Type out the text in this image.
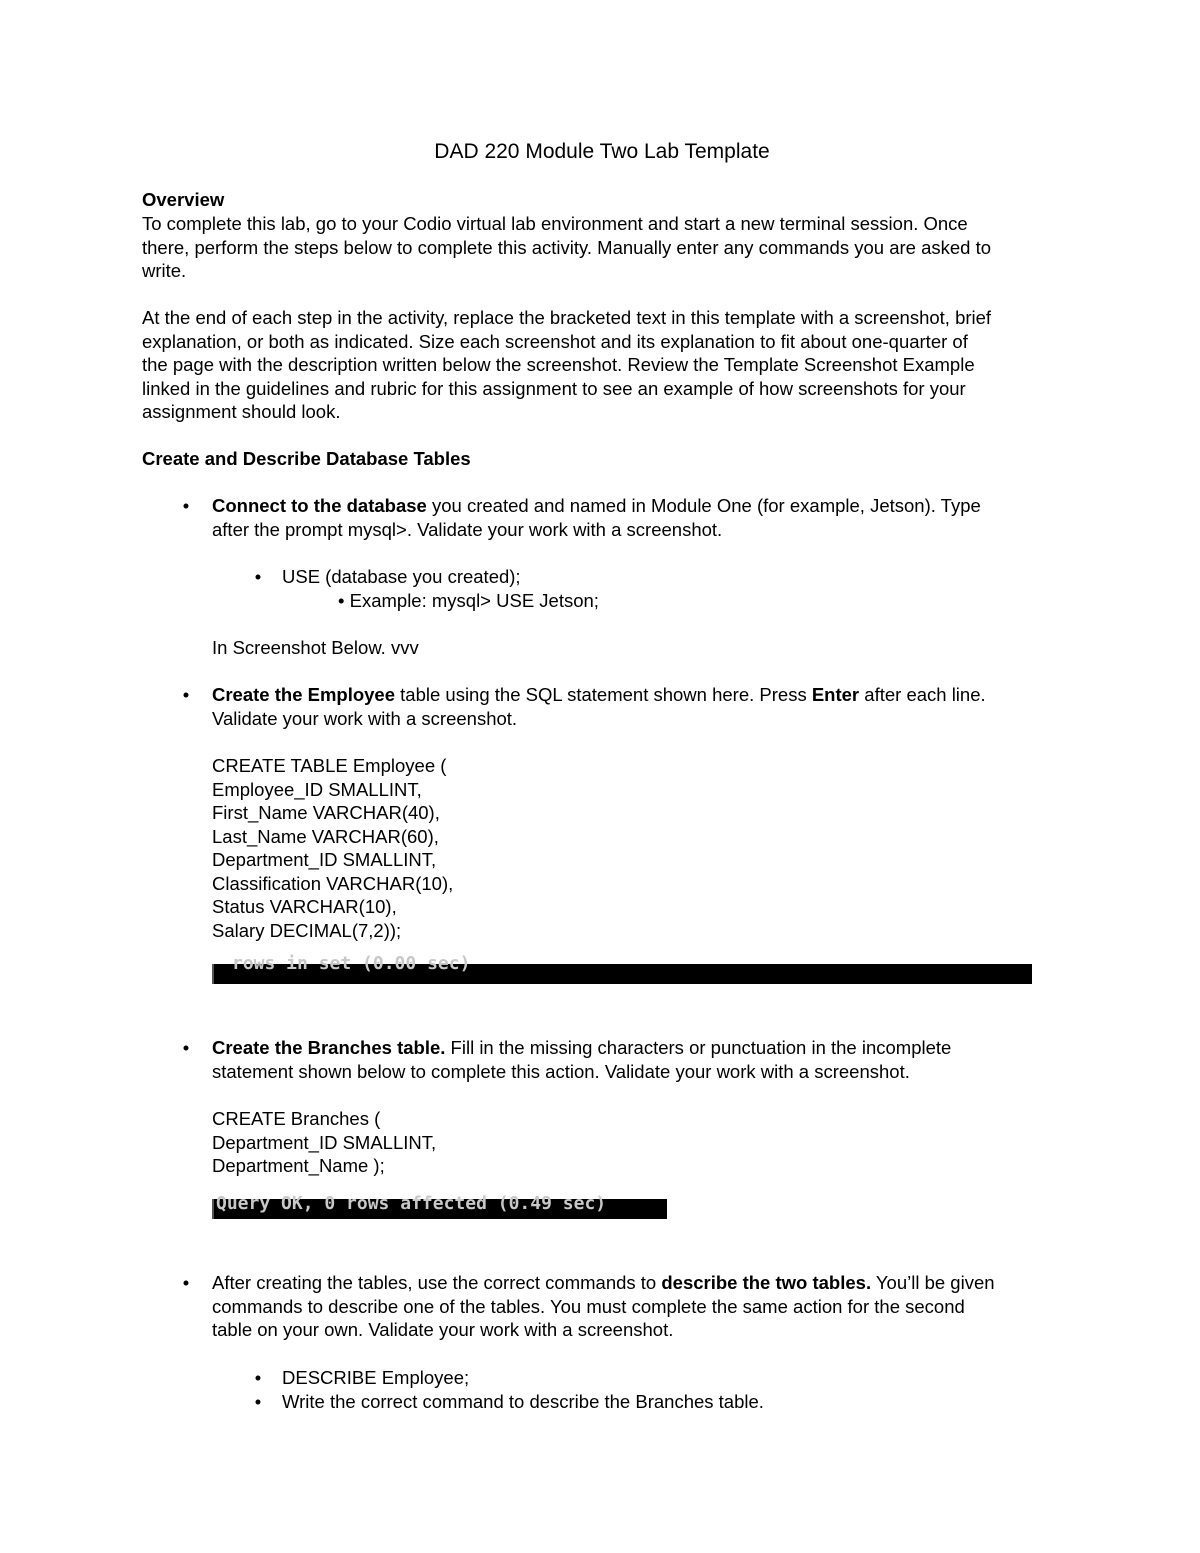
DAD 220 Module Two Lab Template
Overview
To complete this lab, go to your Codio virtual lab environment and start a new terminal session. Once
there, perform the steps below to complete this activity. Manually enter any commands you are asked to
write.
At the end of each step in the activity, replace the bracketed text in this template with a screenshot, brief
explanation, or both as indicated. Size each screenshot and its explanation to fit about one-quarter of
the page with the description written below the screenshot. Review the Template Screenshot Example
linked in the guidelines and rubric for this assignment to see an example of how screenshots for your
assignment should look.
Create and Describe Database Tables
•	Connect to the database you created and named in Module One (for example, Jetson). Type
after the prompt mysql>. Validate your work with a screenshot.
•	USE (database you created);
• Example: mysql> USE Jetson;
In Screenshot Below. vvv
•	Create the Employee table using the SQL statement shown here. Press Enter after each line.
Validate your work with a screenshot.
CREATE TABLE Employee (
Employee_ID SMALLINT,
First_Name VARCHAR(40),
Last_Name VARCHAR(60),
Department_ID SMALLINT,
Classification VARCHAR(10),
Status VARCHAR(10),
Salary DECIMAL(7,2));
rows in set (0.00 sec)
•	Create the Branches table. Fill in the missing characters or punctuation in the incomplete
statement shown below to complete this action. Validate your work with a screenshot.
CREATE Branches (
Department_ID SMALLINT,
Department_Name );
Query OK, 0 rows affected (0.49 sec)
•	After creating the tables, use the correct commands to describe the two tables. You’ll be given
commands to describe one of the tables. You must complete the same action for the second
table on your own. Validate your work with a screenshot.
•	DESCRIBE Employee;
•	Write the correct command to describe the Branches table.
